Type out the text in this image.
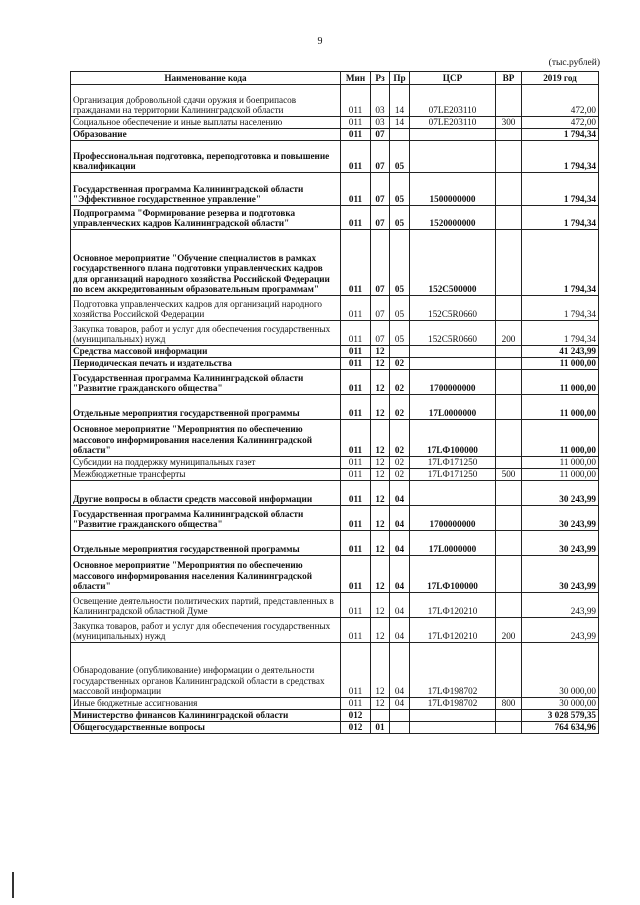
9
(тыс.рублей)
Наименование кода	Мин	Рз	Пр	ЦСР	ВР	2019 год
Организация добровольной сдачи оружия и боеприпасов гражданами на территории Калининградской области	011	03	14	07LE203110		472,00
Социальное обеспечение и иные выплаты населению	011	03	14	07LE203110	300	472,00
Образование	011	07				1 794,34
Профессиональная подготовка, переподготовка и повышение квалификации	011	07	05			1 794,34
Государственная программа Калининградской области "Эффективное государственное управление"	011	07	05	1500000000		1 794,34
Подпрограмма "Формирование резерва и подготовка управленческих кадров Калининградской области"	011	07	05	1520000000		1 794,34
Основное мероприятие "Обучение специалистов в рамках государственного плана подготовки управленческих кадров для организаций народного хозяйства Российской Федерации по всем аккредитованным образовательным программам"	011	07	05	152C500000		1 794,34
Подготовка управленческих кадров для организаций народного хозяйства Российской Федерации	011	07	05	152C5R0660		1 794,34
Закупка товаров, работ и услуг для обеспечения государственных (муниципальных) нужд	011	07	05	152C5R0660	200	1 794,34
Средства массовой информации	011	12				41 243,99
Периодическая печать и издательства	011	12	02			11 000,00
Государственная программа Калининградской области "Развитие гражданского общества"	011	12	02	1700000000		11 000,00
Отдельные мероприятия государственной программы	011	12	02	17L0000000		11 000,00
Основное мероприятие "Мероприятия по обеспечению массового информирования населения Калининградской области"	011	12	02	17LФ100000		11 000,00
Субсидии на поддержку муниципальных газет	011	12	02	17LФ171250		11 000,00
Межбюджетные трансферты	011	12	02	17LФ171250	500	11 000,00
Другие вопросы в области средств массовой информации	011	12	04			30 243,99
Государственная программа Калининградской области "Развитие гражданского общества"	011	12	04	1700000000		30 243,99
Отдельные мероприятия государственной программы	011	12	04	17L0000000		30 243,99
Основное мероприятие "Мероприятия по обеспечению массового информирования населения Калининградской области"	011	12	04	17LФ100000		30 243,99
Освещение деятельности политических партий, представленных в Калининградской областной Думе	011	12	04	17LФ120210		243,99
Закупка товаров, работ и услуг для обеспечения государственных (муниципальных) нужд	011	12	04	17LФ120210	200	243,99
Обнародование (опубликование) информации о деятельности государственных органов Калининградской области в средствах массовой информации	011	12	04	17LФ198702		30 000,00
Иные бюджетные ассигнования	011	12	04	17LФ198702	800	30 000,00
Министерство финансов Калининградской области	012					3 028 579,35
Общегосударственные вопросы	012	01				764 634,96
